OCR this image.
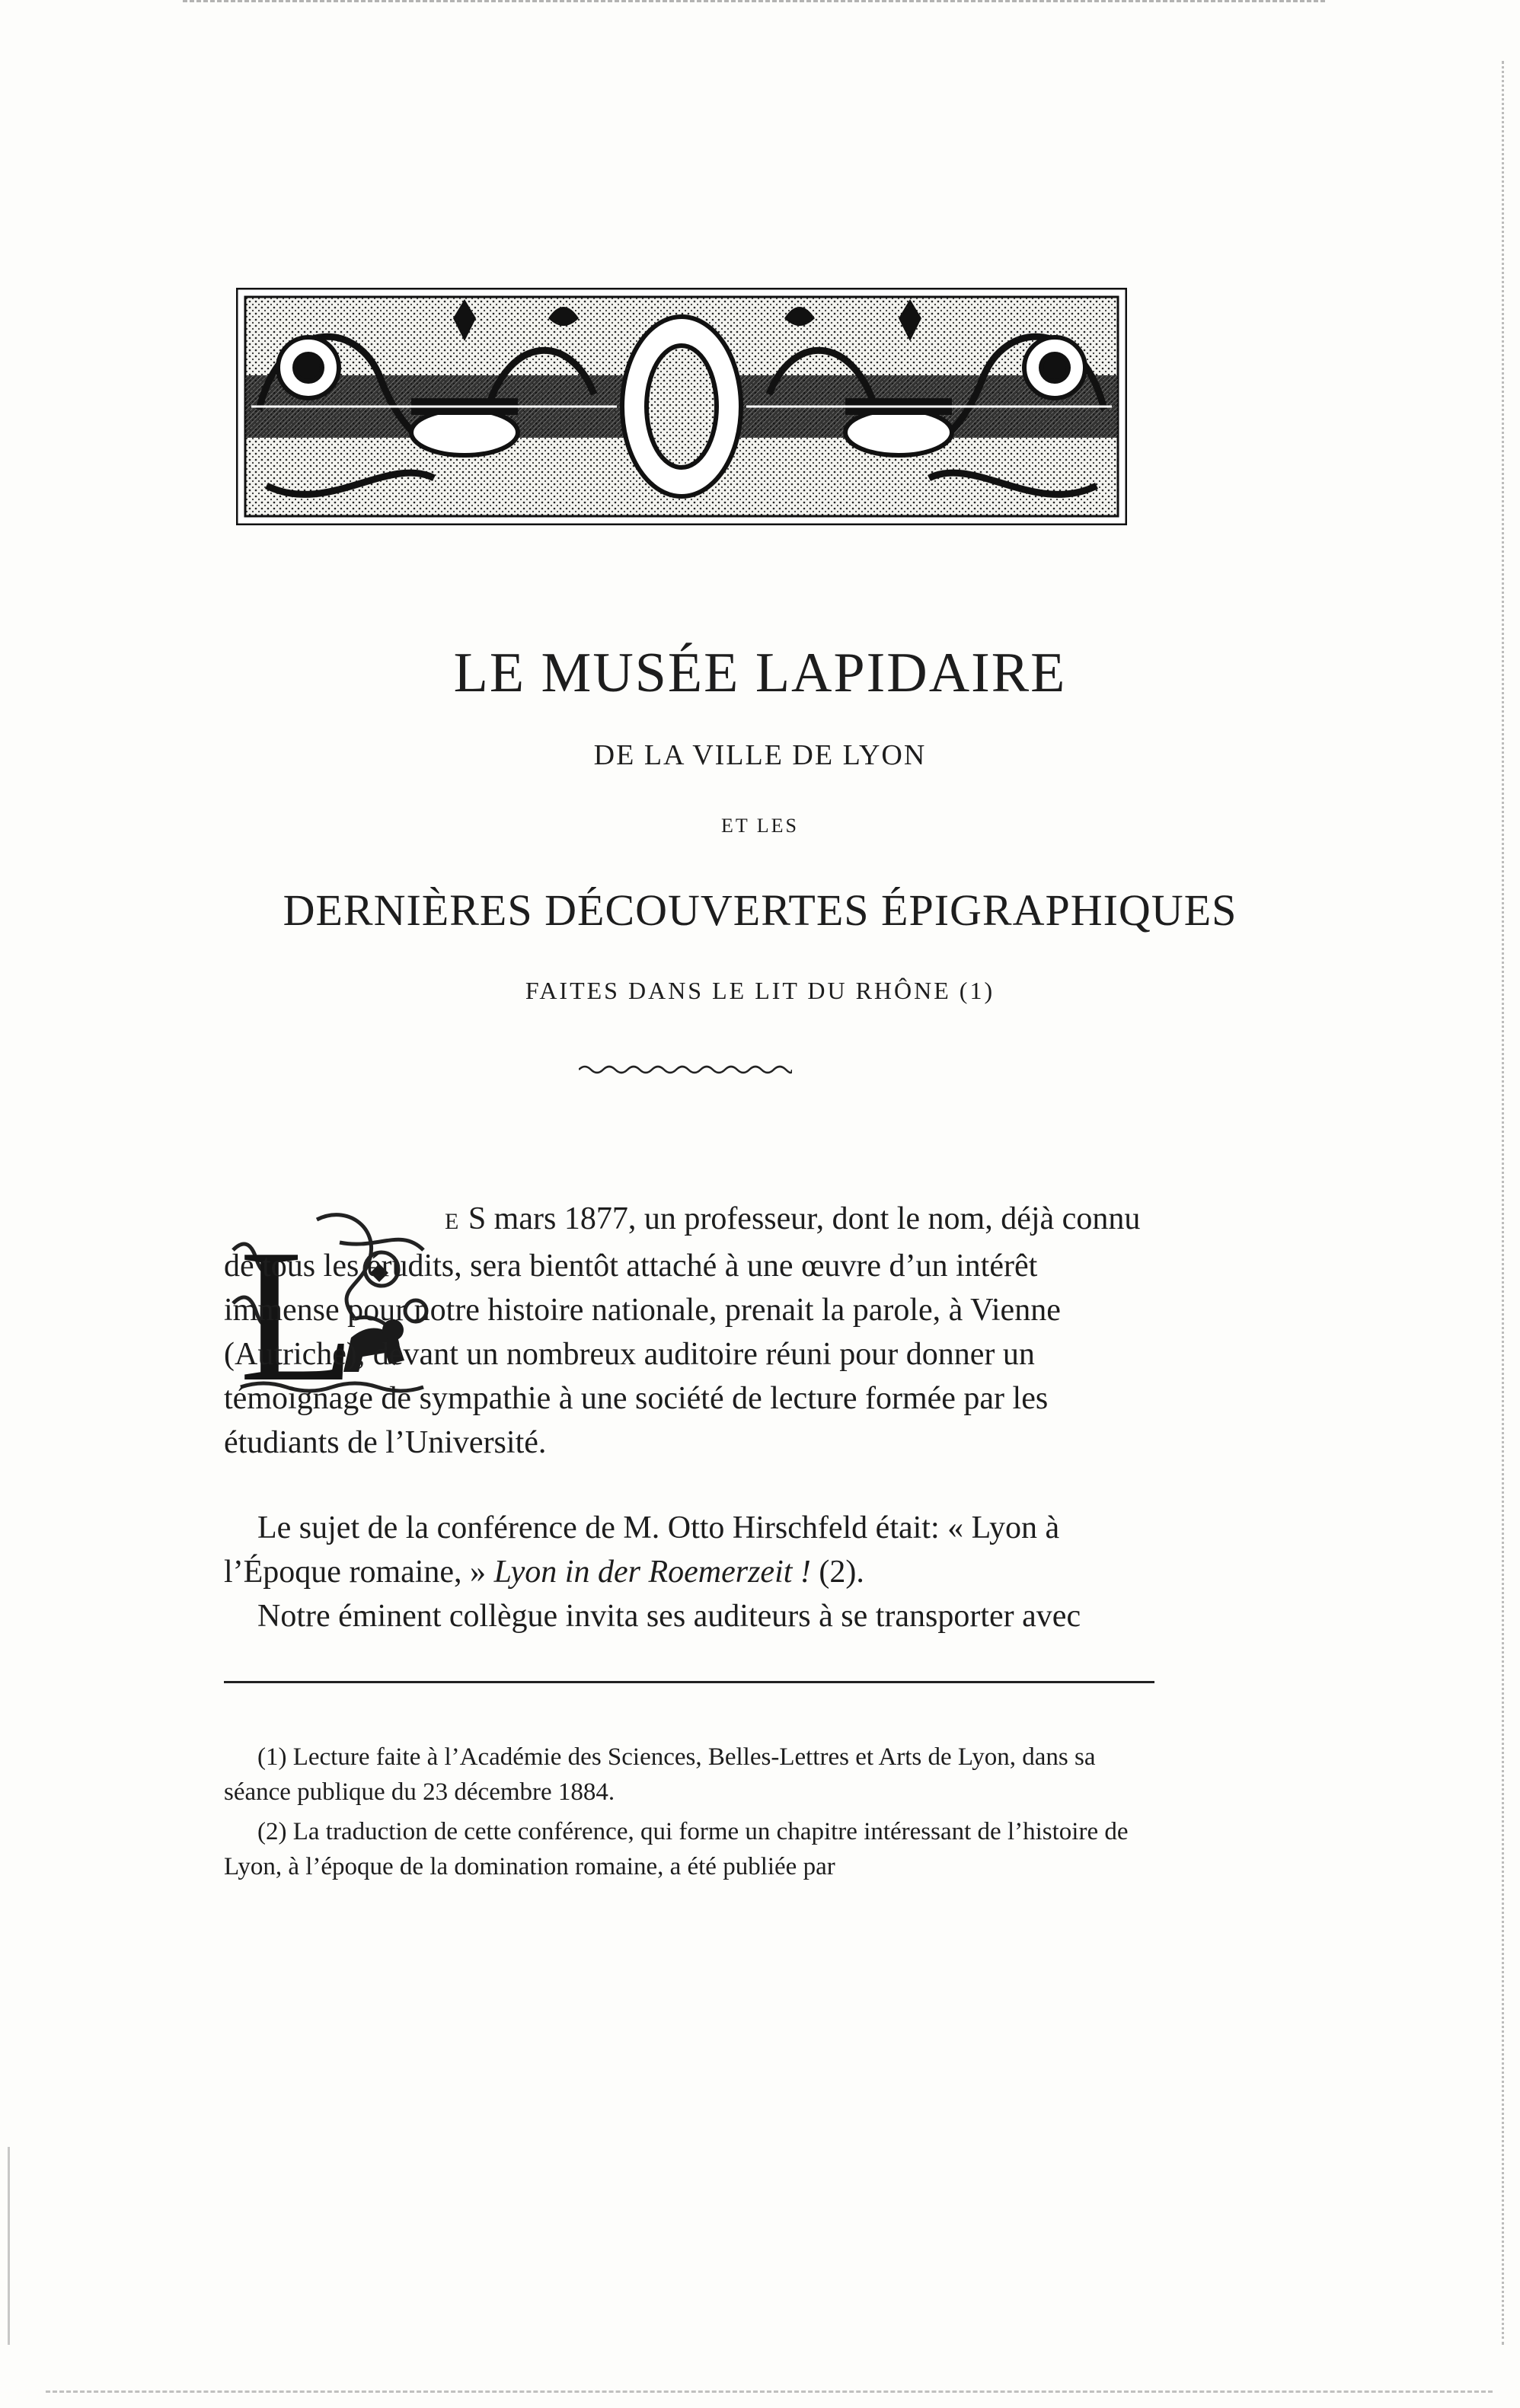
LE MUSÉE LAPIDAIRE
DE LA VILLE DE LYON
ET LES
DERNIÈRES DÉCOUVERTES ÉPIGRAPHIQUES
FAITES DANS LE LIT DU RHÔNE (1)
L	E S mars 1877, un professeur, dont le nom, déjà connu de tous les érudits, sera bientôt attaché à une œuvre d’un intérêt immense pour notre histoire nationale, prenait la parole, à Vienne (Autriche), devant un nombreux auditoire réuni pour donner un témoignage de sympathie à une société de lecture formée par les étudiants de l’Université.

Le sujet de la conférence de M. Otto Hirschfeld était: « Lyon à l’Époque romaine, » Lyon in der Roemerzeit ! (2).

Notre éminent collègue invita ses auditeurs à se transporter avec

(1) Lecture faite à l’Académie des Sciences, Belles-Lettres et Arts de Lyon, dans sa séance publique du 23 décembre 1884.

(2) La traduction de cette conférence, qui forme un chapitre intéressant de l’histoire de Lyon, à l’époque de la domination romaine, a été publiée par
